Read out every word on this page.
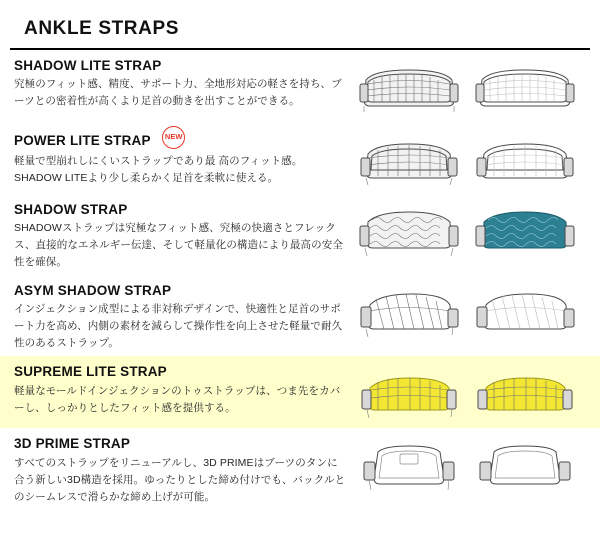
ANKLE STRAPS
SHADOW LITE STRAP
究極のフィット感、精度、サポート力、全地形対応の軽さを持ち、ブーツとの密着性が高くより足首の動きを出すことができる。
POWER LITE STRAP NEW
軽量で型崩れしにくいストラップであり最 高のフィット感。SHADOW LITEより少し柔らかく足首を柔軟に使える。
SHADOW STRAP
SHADOWストラップは究極なフィット感、究極の快適さとフレックス、直接的なエネルギー伝達、そして軽量化の構造により最高の安全性を確保。
ASYM SHADOW STRAP
インジェクション成型による非対称デザインで、快適性と足首のサポート力を高め、内側の素材を減らして操作性を向上させた軽量で耐久性のあるストラップ。
SUPREME LITE STRAP
軽量なモールドインジェクションのトゥストラップは、つま先をカバーし、しっかりとしたフィット感を提供する。
3D PRIME STRAP
すべてのストラップをリニューアルし、3D PRIMEはブーツのタンに合う新しい3D構造を採用。ゆったりとした締め付けでも、バックルとのシームレスで滑らかな締め上げが可能。
